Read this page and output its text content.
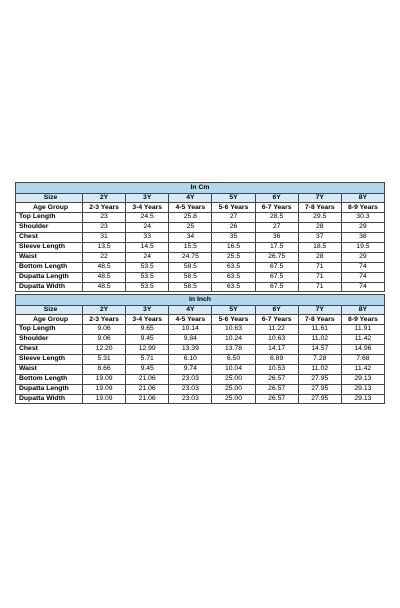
In Cm							
Size	2Y	3Y	4Y	5Y	6Y	7Y	8Y
Age Group	2-3 Years	3-4 Years	4-5 Years	5-6 Years	6-7 Years	7-8 Years	8-9 Years
Top Length	23	24.5	25.8	27	28.5	29.5	30.3
Shoulder	23	24	25	26	27	28	29
Chest	31	33	34	35	36	37	38
Sleeve Length	13.5	14.5	15.5	16.5	17.5	18.5	19.5
Waist	22	24	24.75	25.5	26.75	28	29
Bottom Length	48.5	53.5	58.5	63.5	67.5	71	74
Dupatta Length	48.5	53.5	58.5	63.5	67.5	71	74
Dupatta Width	48.5	53.5	58.5	63.5	67.5	71	74
In Inch							
Size	2Y	3Y	4Y	5Y	6Y	7Y	8Y
Age Group	2-3 Years	3-4 Years	4-5 Years	5-6 Years	6-7 Years	7-8 Years	8-9 Years
Top Length	9.06	9.65	10.14	10.63	11.22	11.61	11.91
Shoulder	9.06	9.45	9.84	10.24	10.63	11.02	11.42
Chest	12.20	12.99	13.39	13.78	14.17	14.57	14.96
Sleeve Length	5.31	5.71	6.10	6.50	6.89	7.28	7.68
Waist	8.66	9.45	9.74	10.04	10.53	11.02	11.42
Bottom Length	19.09	21.06	23.03	25.00	26.57	27.95	29.13
Dupatta Length	19.09	21.06	23.03	25.00	26.57	27.95	29.13
Dupatta Width	19.09	21.06	23.03	25.00	26.57	27.95	29.13
